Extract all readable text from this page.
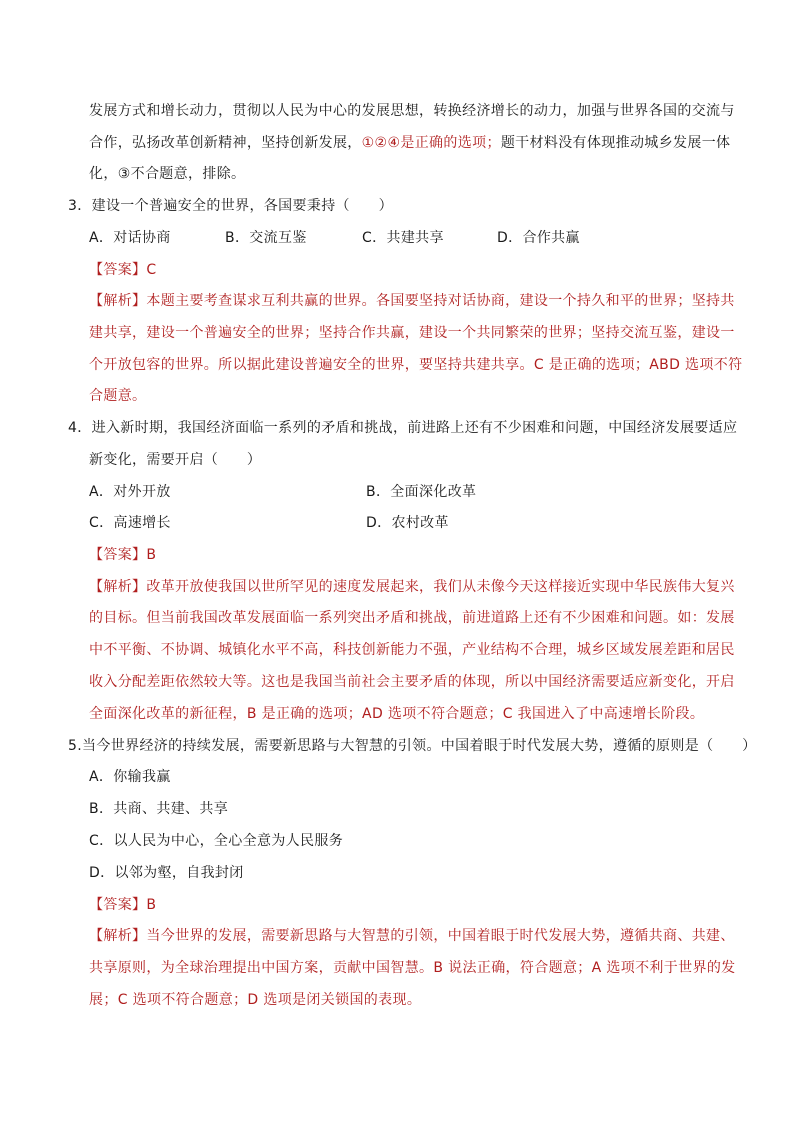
发展方式和增长动力，贯彻以人民为中心的发展思想，转换经济增长的动力，加强与世界各国的交流与
合作，弘扬改革创新精神，坚持创新发展，①②④是正确的选项；题干材料没有体现推动城乡发展一体
化，③不合题意，排除。
3．建设一个普遍安全的世界，各国要秉持（　　）
A．对话协商	B．交流互鉴	C．共建共享	D．合作共赢
【答案】C
【解析】本题主要考查谋求互利共赢的世界。各国要坚持对话协商，建设一个持久和平的世界；坚持共
建共享，建设一个普遍安全的世界；坚持合作共赢，建设一个共同繁荣的世界；坚持交流互鉴，建设一
个开放包容的世界。所以据此建设普遍安全的世界，要坚持共建共享。C 是正确的选项；ABD 选项不符
合题意。
4．进入新时期，我国经济面临一系列的矛盾和挑战，前进路上还有不少困难和问题，中国经济发展要适应
新变化，需要开启（　　）
A．对外开放	B．全面深化改革
C．高速增长	D．农村改革
【答案】B
【解析】改革开放使我国以世所罕见的速度发展起来，我们从未像今天这样接近实现中华民族伟大复兴
的目标。但当前我国改革发展面临一系列突出矛盾和挑战，前进道路上还有不少困难和问题。如：发展
中不平衡、不协调、城镇化水平不高，科技创新能力不强，产业结构不合理，城乡区域发展差距和居民
收入分配差距依然较大等。这也是我国当前社会主要矛盾的体现，所以中国经济需要适应新变化，开启
全面深化改革的新征程，B 是正确的选项；AD 选项不符合题意；C 我国进入了中高速增长阶段。
5.当今世界经济的持续发展，需要新思路与大智慧的引领。中国着眼于时代发展大势，遵循的原则是（　　）
A．你输我赢
B．共商、共建、共享
C．以人民为中心，全心全意为人民服务
D．以邻为壑，自我封闭
【答案】B
【解析】当今世界的发展，需要新思路与大智慧的引领，中国着眼于时代发展大势，遵循共商、共建、
共享原则，为全球治理提出中国方案，贡献中国智慧。B 说法正确，符合题意；A 选项不利于世界的发
展；C 选项不符合题意；D 选项是闭关锁国的表现。
